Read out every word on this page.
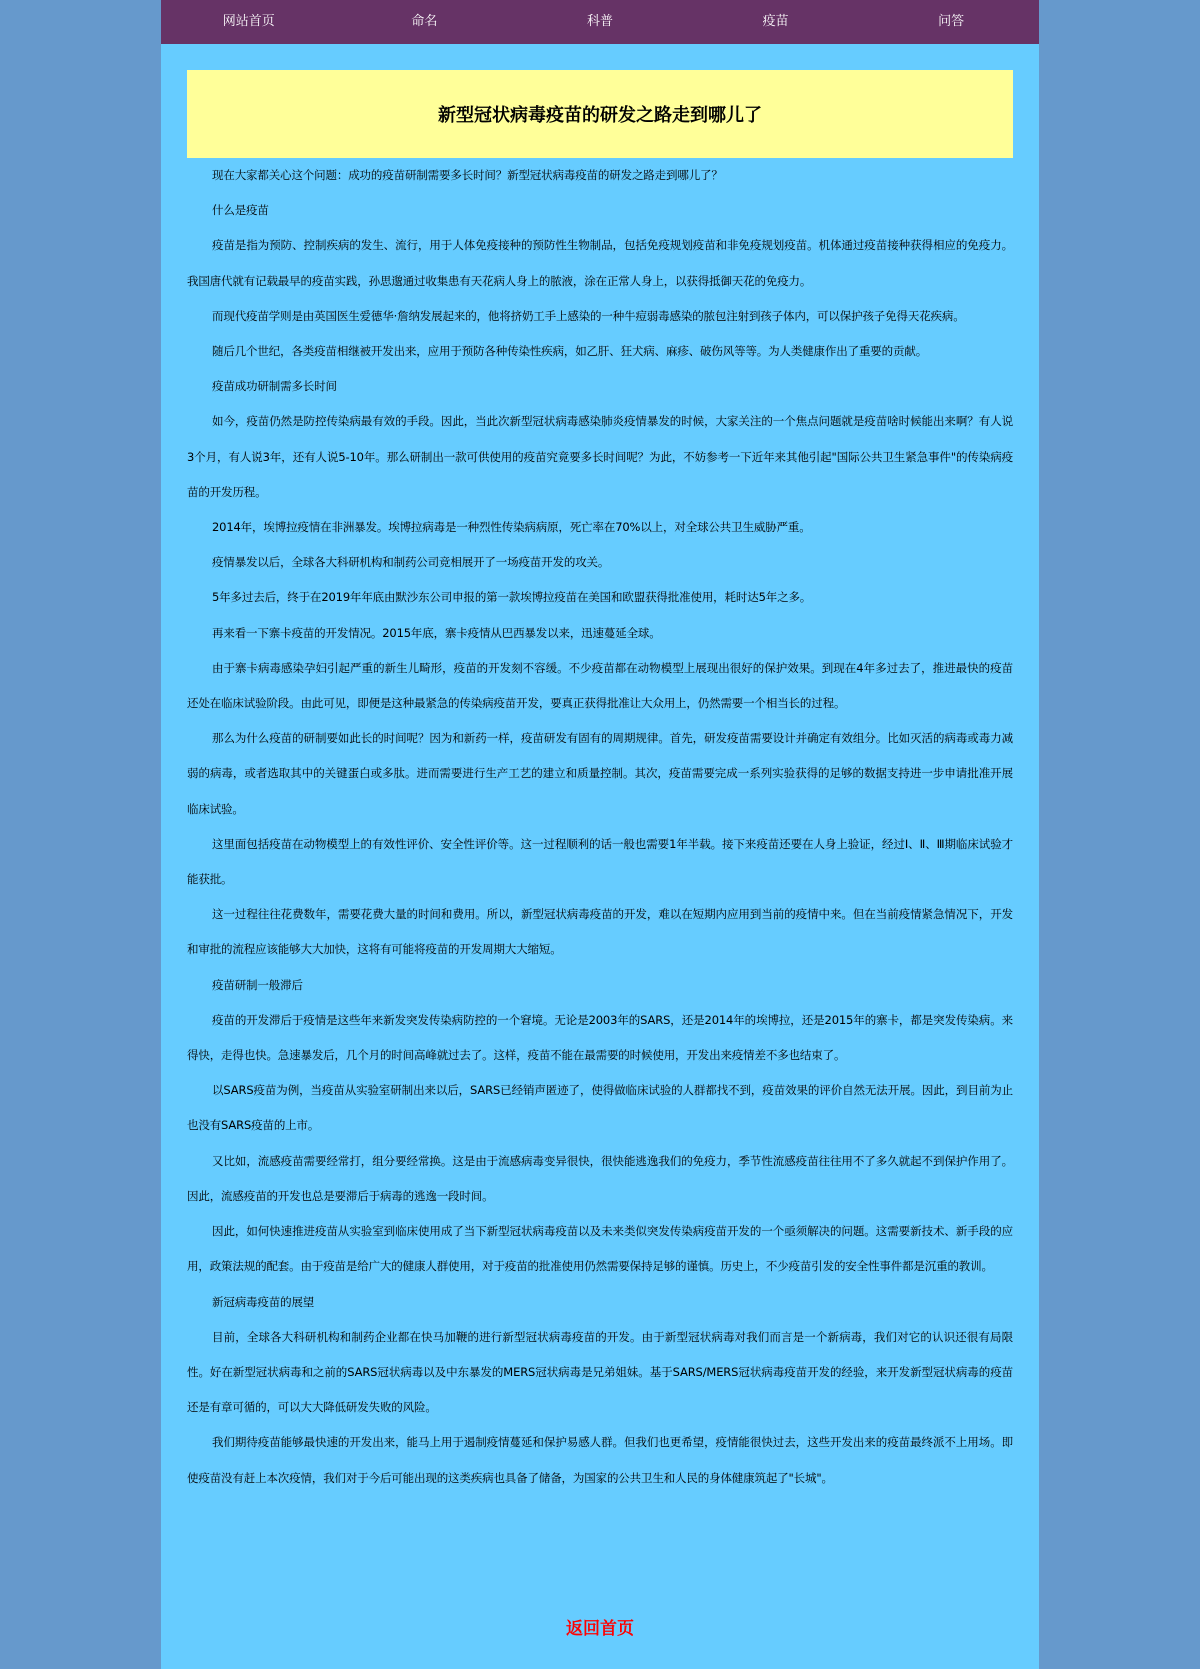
网站首页	命名	科普	疫苗	问答
新型冠状病毒疫苗的研发之路走到哪儿了

现在大家都关心这个问题：成功的疫苗研制需要多长时间？新型冠状病毒疫苗的研发之路走到哪儿了？

什么是疫苗

疫苗是指为预防、控制疾病的发生、流行，用于人体免疫接种的预防性生物制品，包括免疫规划疫苗和非免疫规划疫苗。机体通过疫苗接种获得相应的免疫力。我国唐代就有记载最早的疫苗实践，孙思邈通过收集患有天花病人身上的脓液，涂在正常人身上，以获得抵御天花的免疫力。

而现代疫苗学则是由英国医生爱德华·詹纳发展起来的，他将挤奶工手上感染的一种牛痘弱毒感染的脓包注射到孩子体内，可以保护孩子免得天花疾病。

随后几个世纪，各类疫苗相继被开发出来，应用于预防各种传染性疾病，如乙肝、狂犬病、麻疹、破伤风等等。为人类健康作出了重要的贡献。

疫苗成功研制需多长时间

如今，疫苗仍然是防控传染病最有效的手段。因此，当此次新型冠状病毒感染肺炎疫情暴发的时候，大家关注的一个焦点问题就是疫苗啥时候能出来啊？有人说3个月，有人说3年，还有人说5-10年。那么研制出一款可供使用的疫苗究竟要多长时间呢？为此，不妨参考一下近年来其他引起"国际公共卫生紧急事件"的传染病疫苗的开发历程。

2014年，埃博拉疫情在非洲暴发。埃博拉病毒是一种烈性传染病病原，死亡率在70%以上，对全球公共卫生威胁严重。

疫情暴发以后，全球各大科研机构和制药公司竞相展开了一场疫苗开发的攻关。

5年多过去后，终于在2019年年底由默沙东公司申报的第一款埃博拉疫苗在美国和欧盟获得批准使用，耗时达5年之多。

再来看一下寨卡疫苗的开发情况。2015年底，寨卡疫情从巴西暴发以来，迅速蔓延全球。

由于寨卡病毒感染孕妇引起严重的新生儿畸形，疫苗的开发刻不容缓。不少疫苗都在动物模型上展现出很好的保护效果。到现在4年多过去了，推进最快的疫苗还处在临床试验阶段。由此可见，即便是这种最紧急的传染病疫苗开发，要真正获得批准让大众用上，仍然需要一个相当长的过程。

那么为什么疫苗的研制要如此长的时间呢？因为和新药一样，疫苗研发有固有的周期规律。首先，研发疫苗需要设计并确定有效组分。比如灭活的病毒或毒力减弱的病毒，或者选取其中的关键蛋白或多肽。进而需要进行生产工艺的建立和质量控制。其次，疫苗需要完成一系列实验获得的足够的数据支持进一步申请批准开展临床试验。

这里面包括疫苗在动物模型上的有效性评价、安全性评价等。这一过程顺利的话一般也需要1年半载。接下来疫苗还要在人身上验证，经过Ⅰ、Ⅱ、Ⅲ期临床试验才能获批。

这一过程往往花费数年，需要花费大量的时间和费用。所以，新型冠状病毒疫苗的开发，难以在短期内应用到当前的疫情中来。但在当前疫情紧急情况下，开发和审批的流程应该能够大大加快，这将有可能将疫苗的开发周期大大缩短。

疫苗研制一般滞后

疫苗的开发滞后于疫情是这些年来新发突发传染病防控的一个窘境。无论是2003年的SARS，还是2014年的埃博拉，还是2015年的寨卡，都是突发传染病。来得快，走得也快。急速暴发后，几个月的时间高峰就过去了。这样，疫苗不能在最需要的时候使用，开发出来疫情差不多也结束了。

以SARS疫苗为例，当疫苗从实验室研制出来以后，SARS已经销声匿迹了，使得做临床试验的人群都找不到，疫苗效果的评价自然无法开展。因此，到目前为止也没有SARS疫苗的上市。

又比如，流感疫苗需要经常打，组分要经常换。这是由于流感病毒变异很快，很快能逃逸我们的免疫力，季节性流感疫苗往往用不了多久就起不到保护作用了。因此，流感疫苗的开发也总是要滞后于病毒的逃逸一段时间。

因此，如何快速推进疫苗从实验室到临床使用成了当下新型冠状病毒疫苗以及未来类似突发传染病疫苗开发的一个亟须解决的问题。这需要新技术、新手段的应用，政策法规的配套。由于疫苗是给广大的健康人群使用，对于疫苗的批准使用仍然需要保持足够的谨慎。历史上，不少疫苗引发的安全性事件都是沉重的教训。

新冠病毒疫苗的展望

目前，全球各大科研机构和制药企业都在快马加鞭的进行新型冠状病毒疫苗的开发。由于新型冠状病毒对我们而言是一个新病毒，我们对它的认识还很有局限性。好在新型冠状病毒和之前的SARS冠状病毒以及中东暴发的MERS冠状病毒是兄弟姐妹。基于SARS/MERS冠状病毒疫苗开发的经验，来开发新型冠状病毒的疫苗还是有章可循的，可以大大降低研发失败的风险。

我们期待疫苗能够最快速的开发出来，能马上用于遏制疫情蔓延和保护易感人群。但我们也更希望，疫情能很快过去，这些开发出来的疫苗最终派不上用场。即使疫苗没有赶上本次疫情，我们对于今后可能出现的这类疾病也具备了储备，为国家的公共卫生和人民的身体健康筑起了"长城"。

返回首页
